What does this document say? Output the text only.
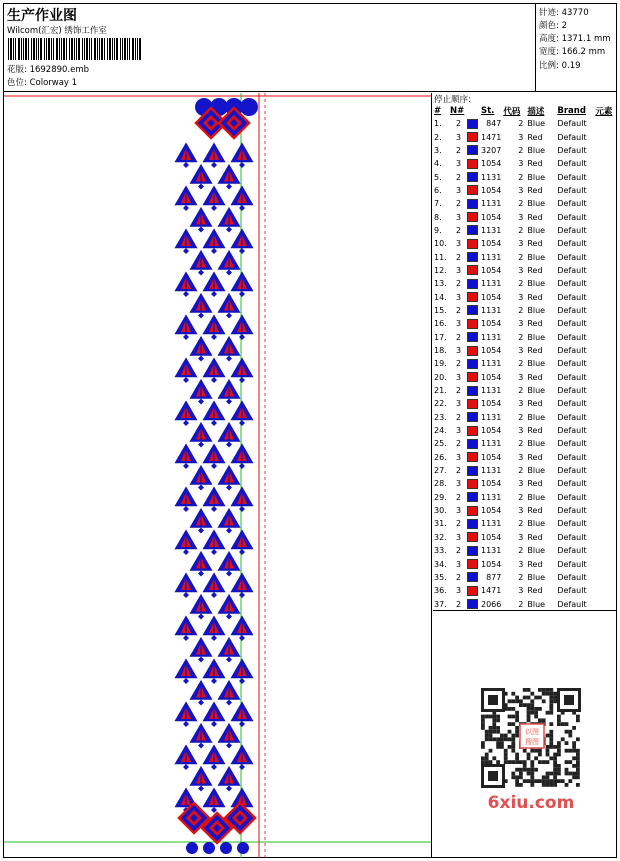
生产作业图
Wilcom(汇宏) 绣饰工作室
花版: 1692890.emb
色位: Colorway 1
针迹: 43770
颜色: 2
高度: 1371.1 mm
宽度: 166.2 mm
比例: 0.19
停止顺序:
#	N#		St.	代码	描述	Brand	元素
1.	2		847	2	Blue	Default	
2.	3		1471	3	Red	Default	
3.	2		3207	2	Blue	Default	
4.	3		1054	3	Red	Default	
5.	2		1131	2	Blue	Default	
6.	3		1054	3	Red	Default	
7.	2		1131	2	Blue	Default	
8.	3		1054	3	Red	Default	
9.	2		1131	2	Blue	Default	
10.	3		1054	3	Red	Default	
11.	2		1131	2	Blue	Default	
12.	3		1054	3	Red	Default	
13.	2		1131	2	Blue	Default	
14.	3		1054	3	Red	Default	
15.	2		1131	2	Blue	Default	
16.	3		1054	3	Red	Default	
17.	2		1131	2	Blue	Default	
18.	3		1054	3	Red	Default	
19.	2		1131	2	Blue	Default	
20.	3		1054	3	Red	Default	
21.	2		1131	2	Blue	Default	
22.	3		1054	3	Red	Default	
23.	2		1131	2	Blue	Default	
24.	3		1054	3	Red	Default	
25.	2		1131	2	Blue	Default	
26.	3		1054	3	Red	Default	
27.	2		1131	2	Blue	Default	
28.	3		1054	3	Red	Default	
29.	2		1131	2	Blue	Default	
30.	3		1054	3	Red	Default	
31.	2		1131	2	Blue	Default	
32.	3		1054	3	Red	Default	
33.	2		1131	2	Blue	Default	
34.	3		1054	3	Red	Default	
35.	2		877	2	Blue	Default	
36.	3		1471	3	Red	Default	
37.	2		2066	2	Blue	Default	
以图
搜图
6xiu.com
